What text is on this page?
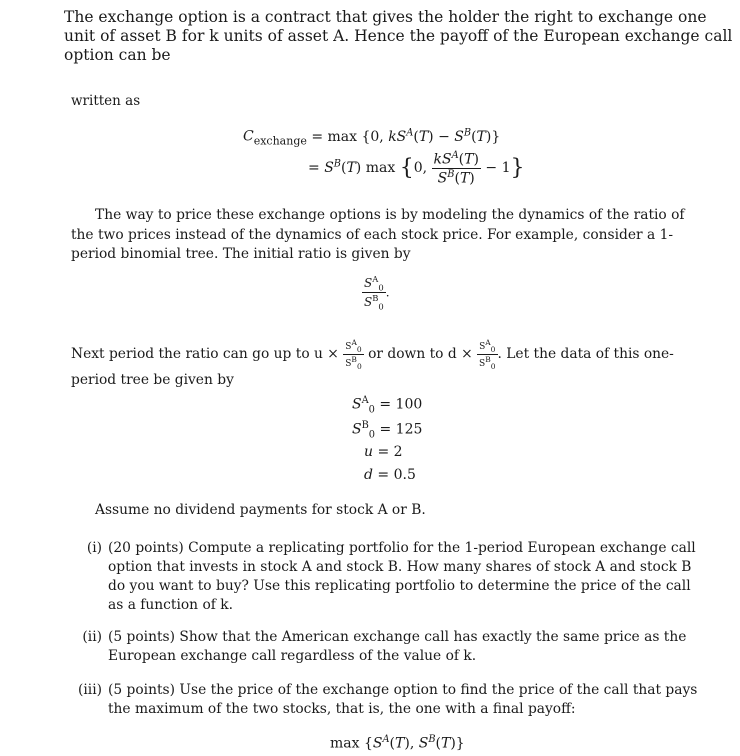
The exchange option is a contract that gives the holder the right to exchange one unit of asset B for k units of asset A. Hence the payoff of the European exchange call option can be
written as
$C_{exchange} = \max \{0$, $kS^A(T) - S^B(T)$}
= $S^B(T)$ max {0, $\frac{kS^A(T)}{S^B(T)} - 1$}
The way to price these exchange options is by modeling the dynamics of the ratio of the two prices instead of the dynamics of each stock price. For example, consider a 1-period binomial tree. The initial ratio is given by
$\frac{S^A_0}{S^B_0}$ .
Next period the ratio can go up to $u \times \frac{S^A_0}{S^B_0}$ or down to $d \times \frac{S^A_0}{S^B_0}$ . Let the data of this one-period tree be given by
$S^A_0 = 100$
$S^B_0 = 125$
u = 2
d = 0.5
Assume no dividend payments for stock A or B.
(i) (20 points) Compute a replicating portfolio for the 1-period European exchange call option that invests in stock A and stock B. How many shares of stock A and stock B do you want to buy? Use this replicating portfolio to determine the price of the call as a function of k.
(ii) (5 points) Show that the American exchange call has exactly the same price as the European exchange call regardless of the value of k.
(iii) (5 points) Use the price of the exchange option to find the price of the call that pays the maximum of the two stocks, that is, the one with a final payoff:
$\max \{S^A(T)$, $S^B(T)$}
